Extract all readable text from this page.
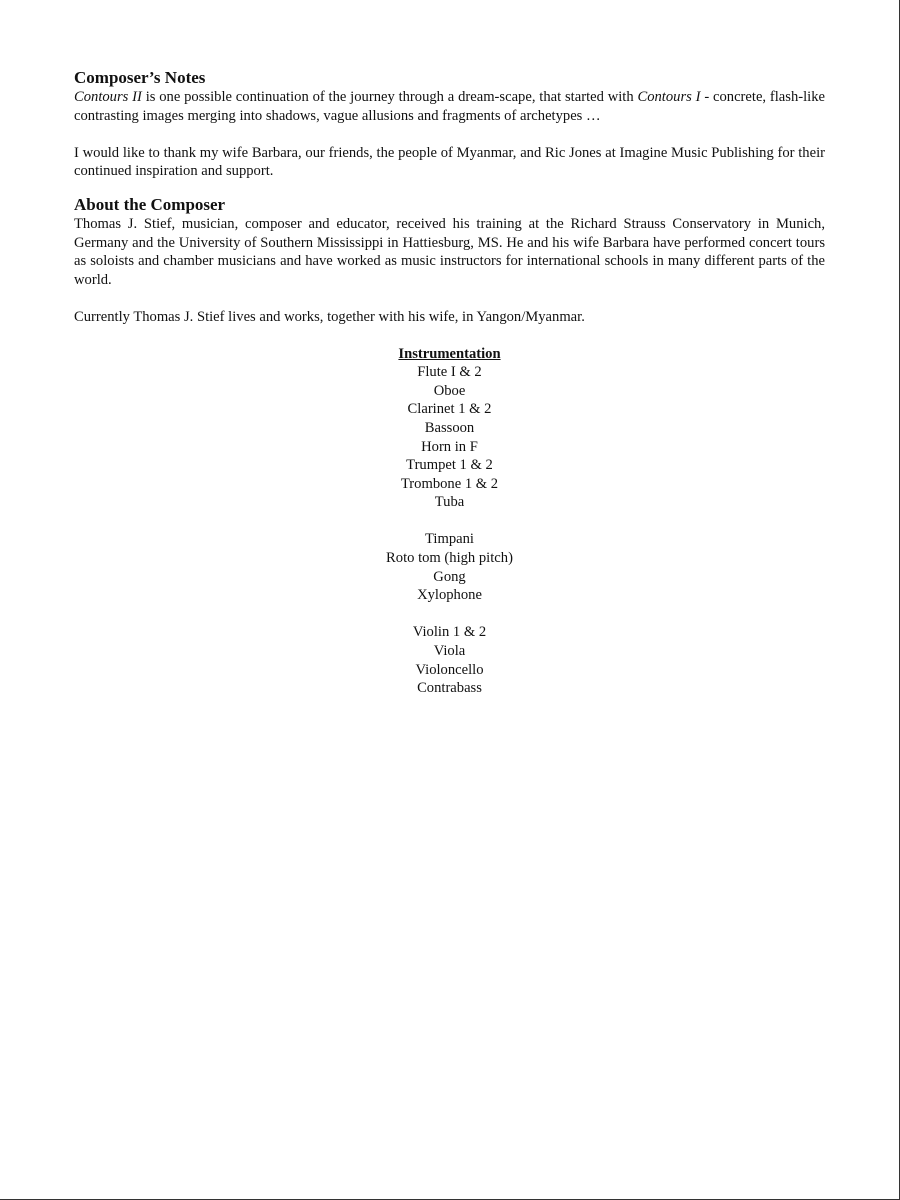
Composer’s Notes

Contours II is one possible continuation of the journey through a dream-scape, that started with Contours I - concrete, flash-like contrasting images merging into shadows, vague allusions and fragments of archetypes …

I would like to thank my wife Barbara, our friends, the people of Myanmar, and Ric Jones at Imagine Music Publishing for their continued inspiration and support.

About the Composer

Thomas J. Stief, musician, composer and educator, received his training at the Richard Strauss Conservatory in Munich, Germany and the University of Southern Mississippi in Hattiesburg, MS. He and his wife Barbara have performed concert tours as soloists and chamber musicians and have worked as music instructors for international schools in many different parts of the world.

Currently Thomas J. Stief lives and works, together with his wife, in Yangon/Myanmar.

Instrumentation
Flute I & 2
Oboe
Clarinet 1 & 2
Bassoon
Horn in F
Trumpet 1 & 2
Trombone 1 & 2
Tuba
Timpani
Roto tom (high pitch)
Gong
Xylophone
Violin 1 & 2
Viola
Violoncello
Contrabass
